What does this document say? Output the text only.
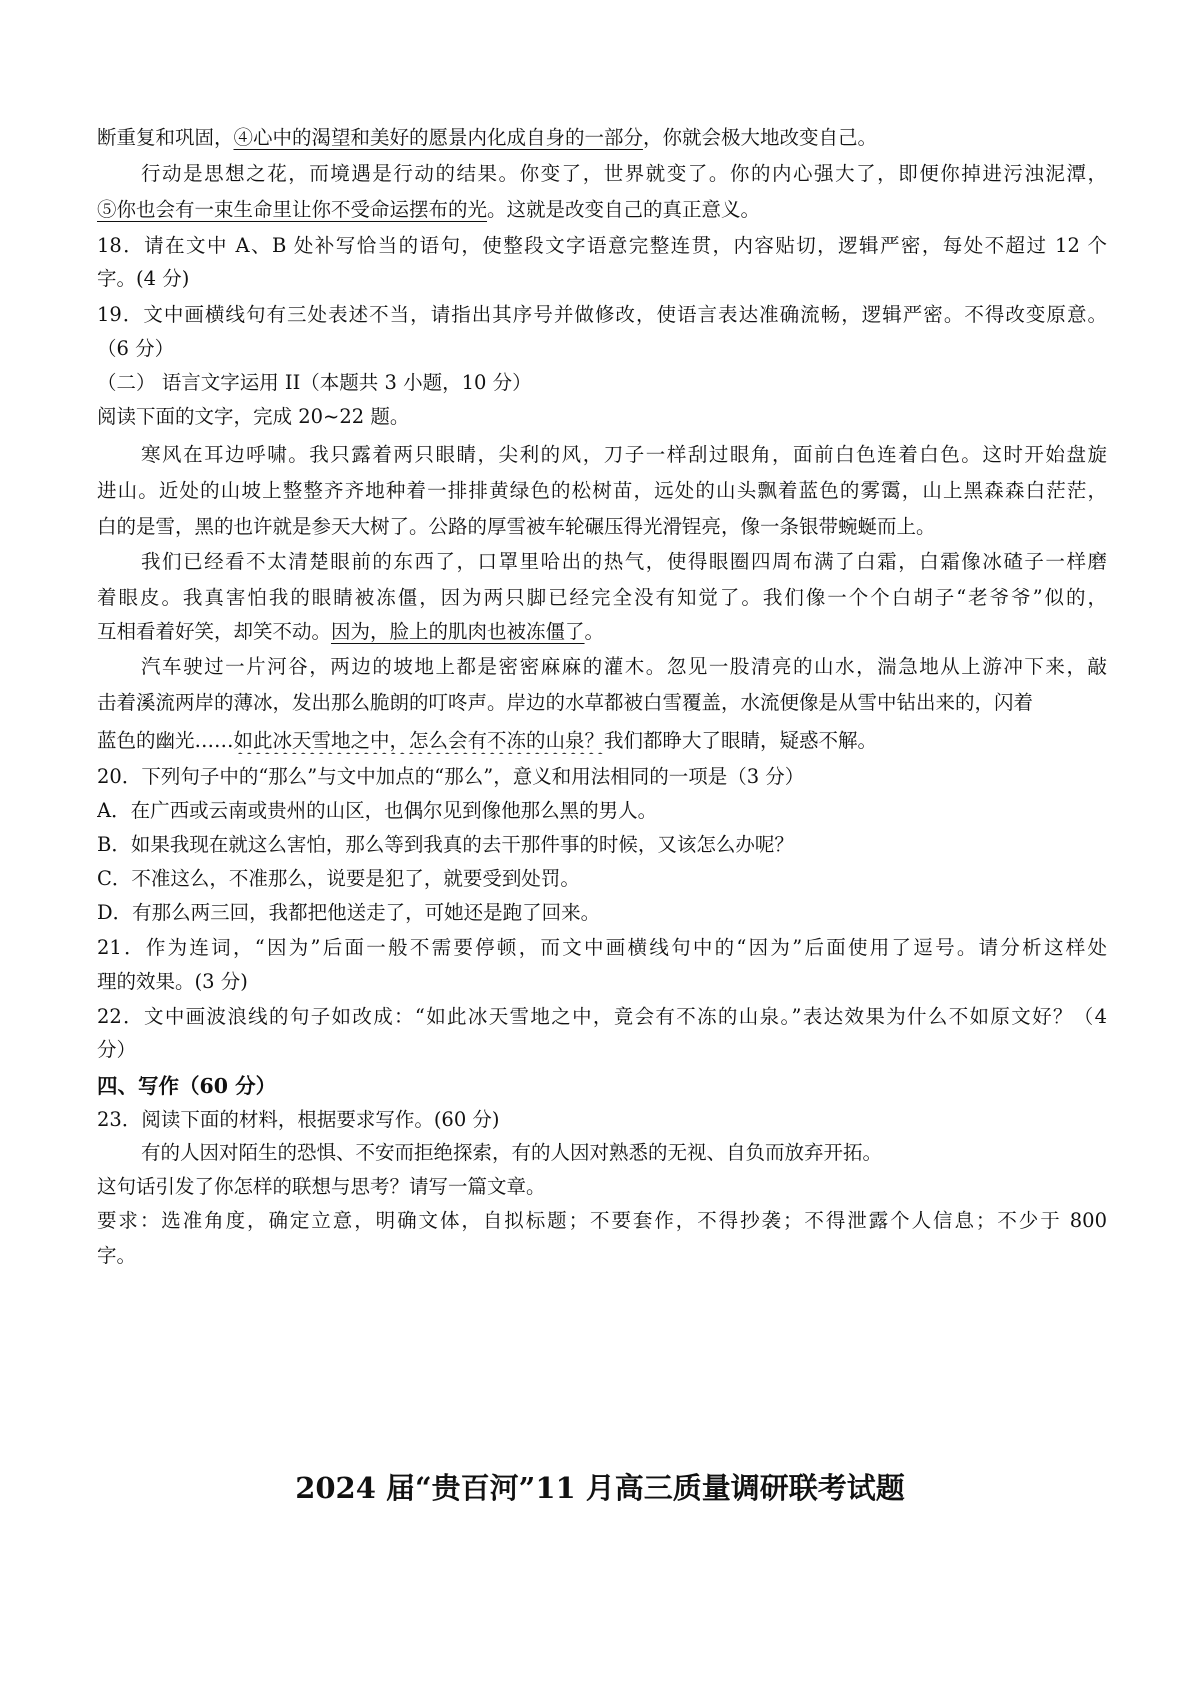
断重复和巩固，④心中的渴望和美好的愿景内化成自身的一部分，你就会极大地改变自己。
行动是思想之花，而境遇是行动的结果。你变了，世界就变了。你的内心强大了，即便你掉进污浊泥潭，
⑤你也会有一束生命里让你不受命运摆布的光。这就是改变自己的真正意义。
18．请在文中 A、B 处补写恰当的语句，使整段文字语意完整连贯，内容贴切，逻辑严密，每处不超过 12 个
字。(4 分)
19．文中画横线句有三处表述不当，请指出其序号并做修改，使语言表达准确流畅，逻辑严密。不得改变原意。
（6 分）
（二） 语言文字运用 II（本题共 3 小题，10 分）
阅读下面的文字，完成 20~22 题。
寒风在耳边呼啸。我只露着两只眼睛，尖利的风，刀子一样刮过眼角，面前白色连着白色。这时开始盘旋
进山。近处的山坡上整整齐齐地种着一排排黄绿色的松树苗，远处的山头飘着蓝色的雾霭，山上黑森森白茫茫，
白的是雪，黑的也许就是参天大树了。公路的厚雪被车轮碾压得光滑锃亮，像一条银带蜿蜒而上。
我们已经看不太清楚眼前的东西了，口罩里哈出的热气，使得眼圈四周布满了白霜，白霜像冰碴子一样磨
着眼皮。我真害怕我的眼睛被冻僵，因为两只脚已经完全没有知觉了。我们像一个个白胡子“老爷爷”似的，
互相看着好笑，却笑不动。因为，脸上的肌肉也被冻僵了。
汽车驶过一片河谷，两边的坡地上都是密密麻麻的灌木。忽见一股清亮的山水，湍急地从上游冲下来，敲
击着溪流两岸的薄冰，发出那么脆朗的叮咚声。岸边的水草都被白雪覆盖，水流便像是从雪中钻出来的，闪着
蓝色的幽光……如此冰天雪地之中，怎么会有不冻的山泉？我们都睁大了眼睛，疑惑不解。
20．下列句子中的“那么”与文中加点的“那么”，意义和用法相同的一项是（3 分）
A．在广西或云南或贵州的山区，也偶尔见到像他那么黑的男人。
B．如果我现在就这么害怕，那么等到我真的去干那件事的时候，又该怎么办呢？
C．不准这么，不准那么，说要是犯了，就要受到处罚。
D．有那么两三回，我都把他送走了，可她还是跑了回来。
21．作为连词，“因为”后面一般不需要停顿，而文中画横线句中的“因为”后面使用了逗号。请分析这样处
理的效果。(3 分)
22．文中画波浪线的句子如改成：“如此冰天雪地之中，竟会有不冻的山泉。”表达效果为什么不如原文好？（4
分）
四、写作（60 分）
23．阅读下面的材料，根据要求写作。(60 分)
有的人因对陌生的恐惧、不安而拒绝探索，有的人因对熟悉的无视、自负而放弃开拓。
这句话引发了你怎样的联想与思考？请写一篇文章。
要求：选准角度，确定立意，明确文体，自拟标题；不要套作，不得抄袭；不得泄露个人信息；不少于 800
字。
2024 届“贵百河”11 月高三质量调研联考试题
